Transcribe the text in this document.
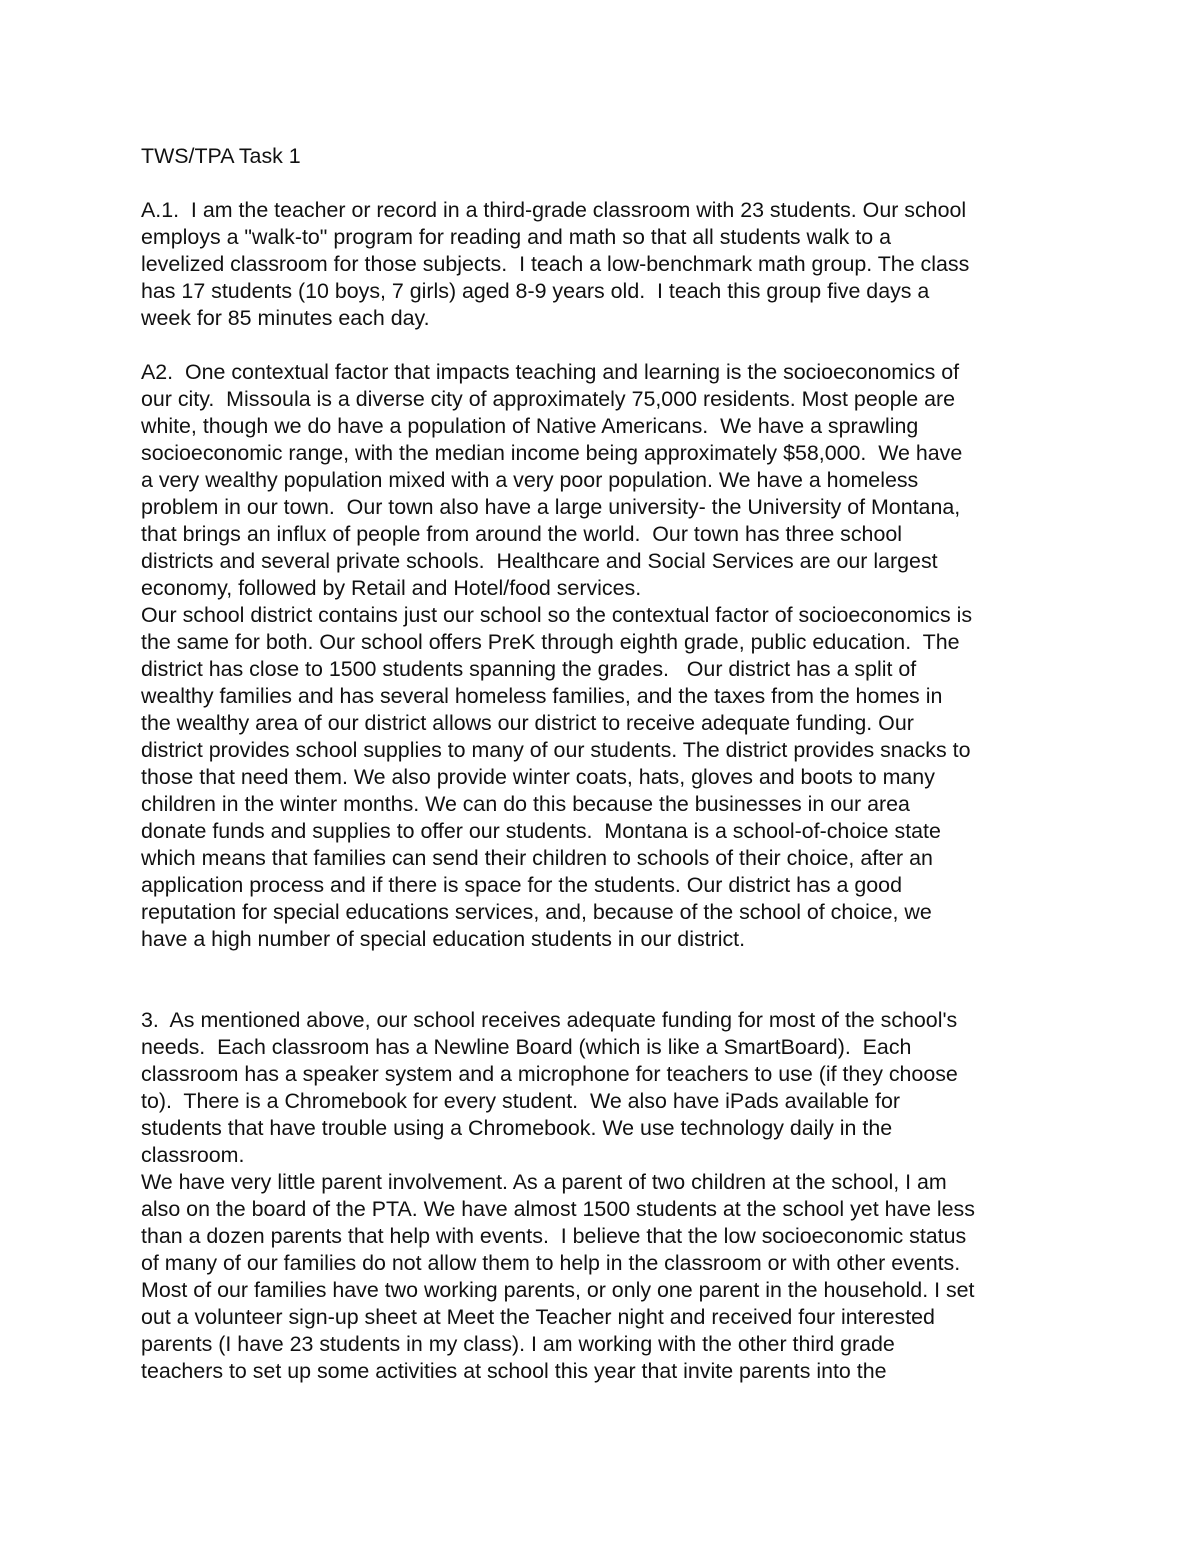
TWS/TPA Task 1
A.1.  I am the teacher or record in a third-grade classroom with 23 students. Our school
employs a "walk-to" program for reading and math so that all students walk to a
levelized classroom for those subjects.  I teach a low-benchmark math group. The class
has 17 students (10 boys, 7 girls) aged 8-9 years old.  I teach this group five days a
week for 85 minutes each day.
A2.  One contextual factor that impacts teaching and learning is the socioeconomics of
our city.  Missoula is a diverse city of approximately 75,000 residents. Most people are
white, though we do have a population of Native Americans.  We have a sprawling
socioeconomic range, with the median income being approximately $58,000.  We have
a very wealthy population mixed with a very poor population. We have a homeless
problem in our town.  Our town also have a large university- the University of Montana,
that brings an influx of people from around the world.  Our town has three school
districts and several private schools.  Healthcare and Social Services are our largest
economy, followed by Retail and Hotel/food services.
Our school district contains just our school so the contextual factor of socioeconomics is
the same for both. Our school offers PreK through eighth grade, public education.  The
district has close to 1500 students spanning the grades.   Our district has a split of
wealthy families and has several homeless families, and the taxes from the homes in
the wealthy area of our district allows our district to receive adequate funding. Our
district provides school supplies to many of our students. The district provides snacks to
those that need them. We also provide winter coats, hats, gloves and boots to many
children in the winter months. We can do this because the businesses in our area
donate funds and supplies to offer our students.  Montana is a school-of-choice state
which means that families can send their children to schools of their choice, after an
application process and if there is space for the students. Our district has a good
reputation for special educations services, and, because of the school of choice, we
have a high number of special education students in our district.
3.  As mentioned above, our school receives adequate funding for most of the school's
needs.  Each classroom has a Newline Board (which is like a SmartBoard).  Each
classroom has a speaker system and a microphone for teachers to use (if they choose
to).  There is a Chromebook for every student.  We also have iPads available for
students that have trouble using a Chromebook. We use technology daily in the
classroom.
We have very little parent involvement. As a parent of two children at the school, I am
also on the board of the PTA. We have almost 1500 students at the school yet have less
than a dozen parents that help with events.  I believe that the low socioeconomic status
of many of our families do not allow them to help in the classroom or with other events.
Most of our families have two working parents, or only one parent in the household. I set
out a volunteer sign-up sheet at Meet the Teacher night and received four interested
parents (I have 23 students in my class). I am working with the other third grade
teachers to set up some activities at school this year that invite parents into the
